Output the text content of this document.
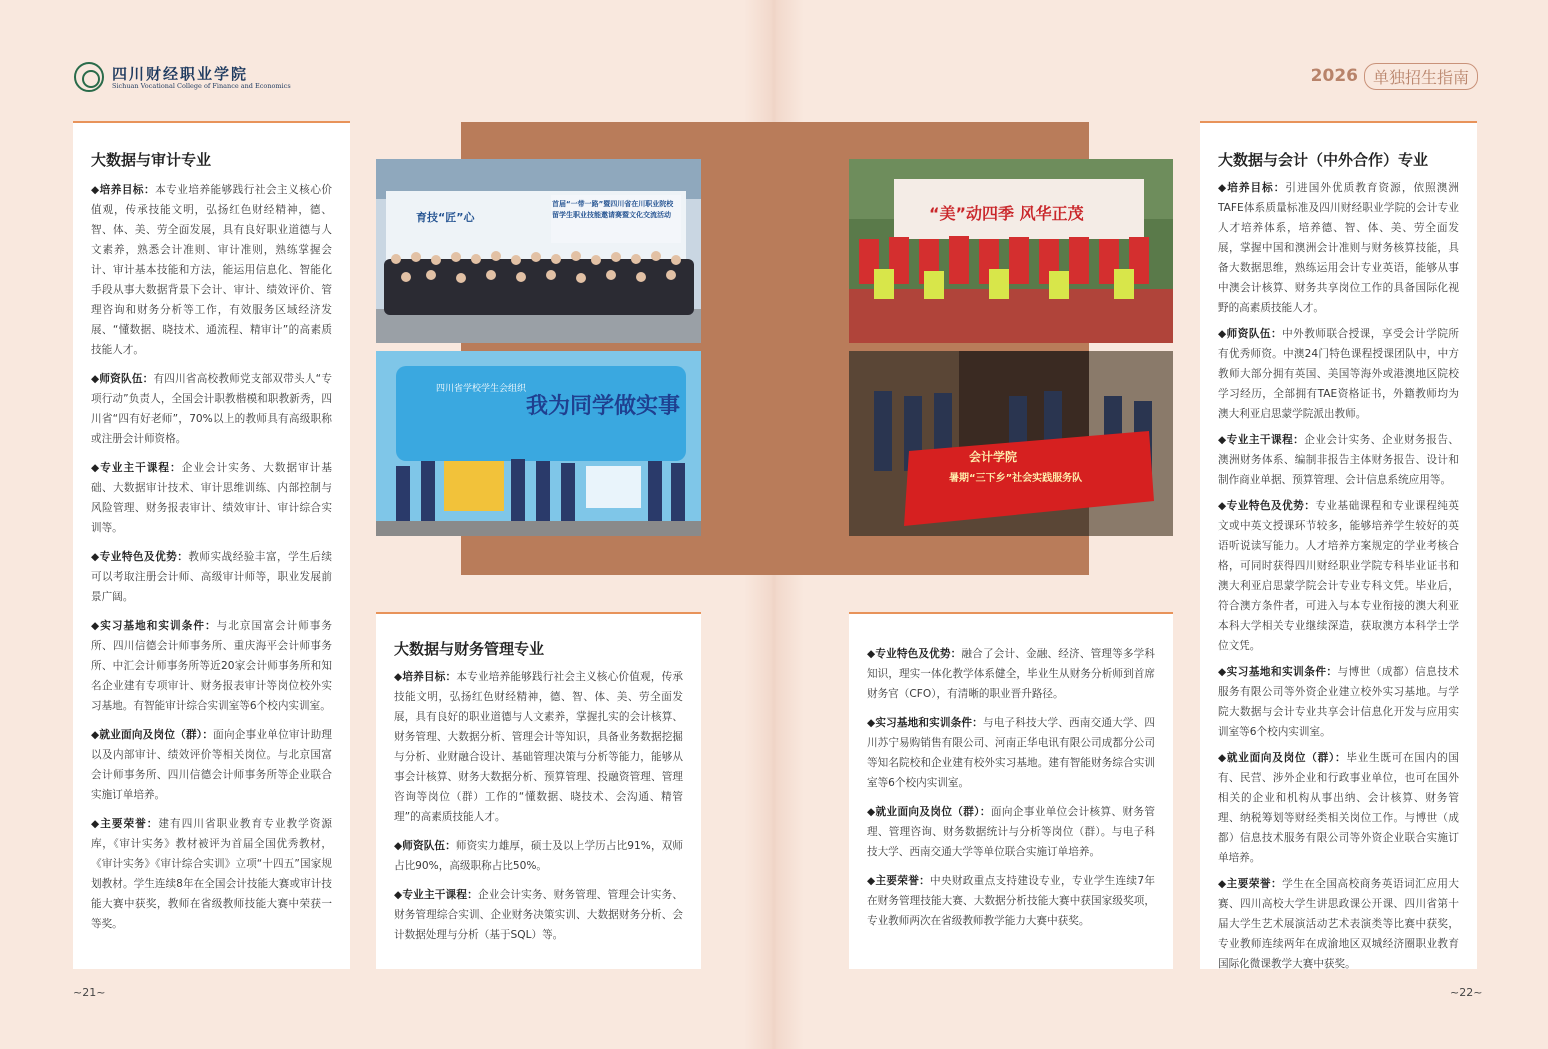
四川财经职业学院
Sichuan Vocational College of Finance and Economics	2026 单独招生指南
育技“匠”心
首届“一带一路”暨四川省在川职业院校留学生职业技能邀请赛暨文化交流活动
四川省学校学生会组织
我为同学做实事
“美”动四季 风华正茂
会计学院
暑期“三下乡”社会实践服务队
大数据与审计专业

◆培养目标：本专业培养能够践行社会主义核心价值观，传承技能文明，弘扬红色财经精神，德、智、体、美、劳全面发展，具有良好职业道德与人文素养，熟悉会计准则、审计准则，熟练掌握会计、审计基本技能和方法，能运用信息化、智能化手段从事大数据背景下会计、审计、绩效评价、管理咨询和财务分析等工作，有效服务区域经济发展、“懂数据、晓技术、通流程、精审计”的高素质技能人才。

◆师资队伍：有四川省高校教师党支部双带头人“专项行动”负责人，全国会计职教楷模和职教新秀，四川省“四有好老师”，70%以上的教师具有高级职称或注册会计师资格。

◆专业主干课程：企业会计实务、大数据审计基础、大数据审计技术、审计思维训练、内部控制与风险管理、财务报表审计、绩效审计、审计综合实训等。

◆专业特色及优势：教师实战经验丰富，学生后续可以考取注册会计师、高级审计师等，职业发展前景广阔。

◆实习基地和实训条件：与北京国富会计师事务所、四川信德会计师事务所、重庆海平会计师事务所、中汇会计师事务所等近20家会计师事务所和知名企业建有专项审计、财务报表审计等岗位校外实习基地。有智能审计综合实训室等6个校内实训室。

◆就业面向及岗位（群）：面向企事业单位审计助理以及内部审计、绩效评价等相关岗位。与北京国富会计师事务所、四川信德会计师事务所等企业联合实施订单培养。

◆主要荣誉：建有四川省职业教育专业教学资源库，《审计实务》教材被评为首届全国优秀教材，《审计实务》《审计综合实训》立项“十四五”国家规划教材。学生连续8年在全国会计技能大赛或审计技能大赛中获奖，教师在省级教师技能大赛中荣获一等奖。

大数据与财务管理专业

◆培养目标：本专业培养能够践行社会主义核心价值观，传承技能文明，弘扬红色财经精神，德、智、体、美、劳全面发展，具有良好的职业道德与人文素养，掌握扎实的会计核算、财务管理、大数据分析、管理会计等知识，具备业务数据挖掘与分析、业财融合设计、基础管理决策与分析等能力，能够从事会计核算、财务大数据分析、预算管理、投融资管理、管理咨询等岗位（群）工作的“懂数据、晓技术、会沟通、精管理”的高素质技能人才。

◆师资队伍：师资实力雄厚，硕士及以上学历占比91%，双师占比90%，高级职称占比50%。

◆专业主干课程：企业会计实务、财务管理、管理会计实务、财务管理综合实训、企业财务决策实训、大数据财务分析、会计数据处理与分析（基于SQL）等。

◆专业特色及优势：融合了会计、金融、经济、管理等多学科知识，理实一体化教学体系健全，毕业生从财务分析师到首席财务官（CFO），有清晰的职业晋升路径。

◆实习基地和实训条件：与电子科技大学、西南交通大学、四川苏宁易购销售有限公司、河南正华电讯有限公司成都分公司等知名院校和企业建有校外实习基地。建有智能财务综合实训室等6个校内实训室。

◆就业面向及岗位（群）：面向企事业单位会计核算、财务管理、管理咨询、财务数据统计与分析等岗位（群）。与电子科技大学、西南交通大学等单位联合实施订单培养。

◆主要荣誉：中央财政重点支持建设专业，专业学生连续7年在财务管理技能大赛、大数据分析技能大赛中获国家级奖项，专业教师两次在省级教师教学能力大赛中获奖。

大数据与会计（中外合作）专业

◆培养目标：引进国外优质教育资源，依照澳洲TAFE体系质量标准及四川财经职业学院的会计专业人才培养体系，培养德、智、体、美、劳全面发展，掌握中国和澳洲会计准则与财务核算技能，具备大数据思维，熟练运用会计专业英语，能够从事中澳会计核算、财务共享岗位工作的具备国际化视野的高素质技能人才。

◆师资队伍：中外教师联合授课，享受会计学院所有优秀师资。中澳24门特色课程授课团队中，中方教师大部分拥有英国、美国等海外或港澳地区院校学习经历，全部拥有TAE资格证书，外籍教师均为澳大利亚启思蒙学院派出教师。

◆专业主干课程：企业会计实务、企业财务报告、澳洲财务体系、编制非报告主体财务报告、设计和制作商业单据、预算管理、会计信息系统应用等。

◆专业特色及优势：专业基础课程和专业课程纯英文或中英文授课环节较多，能够培养学生较好的英语听说读写能力。人才培养方案规定的学业考核合格，可同时获得四川财经职业学院专科毕业证书和澳大利亚启思蒙学院会计专业专科文凭。毕业后，符合澳方条件者，可进入与本专业衔接的澳大利亚本科大学相关专业继续深造，获取澳方本科学士学位文凭。

◆实习基地和实训条件：与博世（成都）信息技术服务有限公司等外资企业建立校外实习基地。与学院大数据与会计专业共享会计信息化开发与应用实训室等6个校内实训室。

◆就业面向及岗位（群）：毕业生既可在国内的国有、民营、涉外企业和行政事业单位，也可在国外相关的企业和机构从事出纳、会计核算、财务管理、纳税筹划等财经类相关岗位工作。与博世（成都）信息技术服务有限公司等外资企业联合实施订单培养。

◆主要荣誉：学生在全国高校商务英语词汇应用大赛、四川高校大学生讲思政课公开课、四川省第十届大学生艺术展演活动艺术表演类等比赛中获奖，专业教师连续两年在成渝地区双城经济圈职业教育国际化微课教学大赛中获奖。

~21~	~22~
